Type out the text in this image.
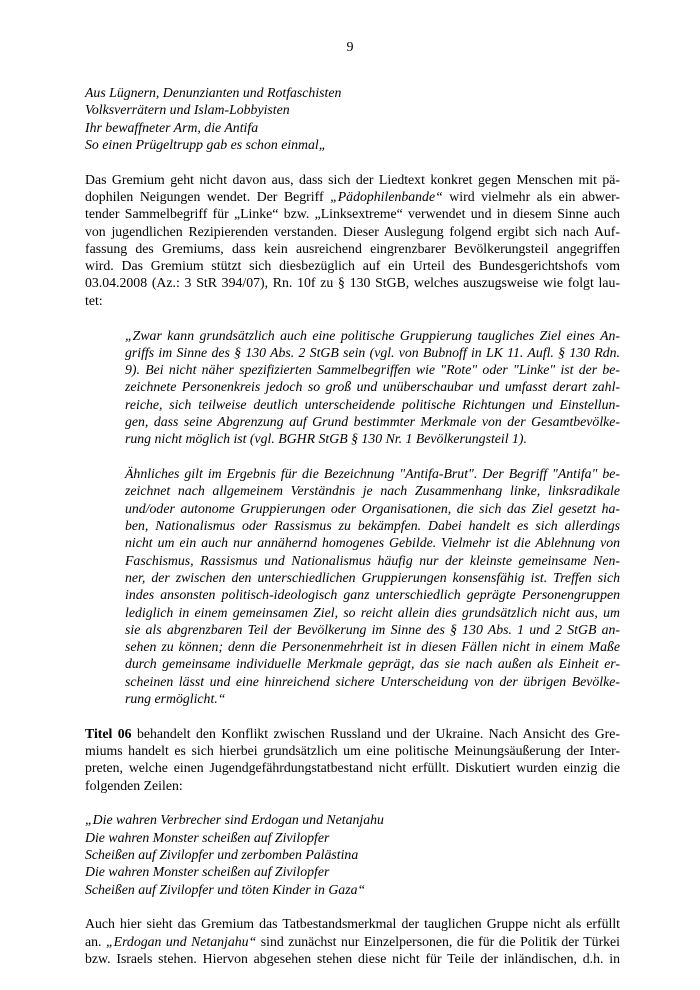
9
Aus Lügnern, Denunzianten und Rotfaschisten
Volksverrätern und Islam-Lobbyisten
Ihr bewaffneter Arm, die Antifa
So einen Prügeltrupp gab es schon einmal„
Das Gremium geht nicht davon aus, dass sich der Liedtext konkret gegen Menschen mit pä-
dophilen Neigungen wendet. Der Begriff „Pädophilenbande“ wird vielmehr als ein abwer-
tender Sammelbegriff für „Linke“ bzw. „Linksextreme“ verwendet und in diesem Sinne auch
von jugendlichen Rezipierenden verstanden. Dieser Auslegung folgend ergibt sich nach Auf-
fassung des Gremiums, dass kein ausreichend eingrenzbarer Bevölkerungsteil angegriffen
wird. Das Gremium stützt sich diesbezüglich auf ein Urteil des Bundesgerichtshofs vom
03.04.2008 (Az.: 3 StR 394/07), Rn. 10f zu § 130 StGB, welches auszugsweise wie folgt lau-
tet:
„Zwar kann grundsätzlich auch eine politische Gruppierung taugliches Ziel eines An-
griffs im Sinne des § 130 Abs. 2 StGB sein (vgl. von Bubnoff in LK 11. Aufl. § 130 Rdn.
9). Bei nicht näher spezifizierten Sammelbegriffen wie "Rote" oder "Linke" ist der be-
zeichnete Personenkreis jedoch so groß und unüberschaubar und umfasst derart zahl-
reiche, sich teilweise deutlich unterscheidende politische Richtungen und Einstellun-
gen, dass seine Abgrenzung auf Grund bestimmter Merkmale von der Gesamtbevölke-
rung nicht möglich ist (vgl. BGHR StGB § 130 Nr. 1 Bevölkerungsteil 1).
Ähnliches gilt im Ergebnis für die Bezeichnung "Antifa-Brut". Der Begriff "Antifa" be-
zeichnet nach allgemeinem Verständnis je nach Zusammenhang linke, linksradikale
und/oder autonome Gruppierungen oder Organisationen, die sich das Ziel gesetzt ha-
ben, Nationalismus oder Rassismus zu bekämpfen. Dabei handelt es sich allerdings
nicht um ein auch nur annähernd homogenes Gebilde. Vielmehr ist die Ablehnung von
Faschismus, Rassismus und Nationalismus häufig nur der kleinste gemeinsame Nen-
ner, der zwischen den unterschiedlichen Gruppierungen konsensfähig ist. Treffen sich
indes ansonsten politisch-ideologisch ganz unterschiedlich geprägte Personengruppen
lediglich in einem gemeinsamen Ziel, so reicht allein dies grundsätzlich nicht aus, um
sie als abgrenzbaren Teil der Bevölkerung im Sinne des § 130 Abs. 1 und 2 StGB an-
sehen zu können; denn die Personenmehrheit ist in diesen Fällen nicht in einem Maße
durch gemeinsame individuelle Merkmale geprägt, das sie nach außen als Einheit er-
scheinen lässt und eine hinreichend sichere Unterscheidung von der übrigen Bevölke-
rung ermöglicht.“
Titel 06 behandelt den Konflikt zwischen Russland und der Ukraine. Nach Ansicht des Gre-
miums handelt es sich hierbei grundsätzlich um eine politische Meinungsäußerung der Inter-
preten, welche einen Jugendgefährdungstatbestand nicht erfüllt. Diskutiert wurden einzig die
folgenden Zeilen:
„Die wahren Verbrecher sind Erdogan und Netanjahu
Die wahren Monster scheißen auf Zivilopfer
Scheißen auf Zivilopfer und zerbomben Palästina
Die wahren Monster scheißen auf Zivilopfer
Scheißen auf Zivilopfer und töten Kinder in Gaza“
Auch hier sieht das Gremium das Tatbestandsmerkmal der tauglichen Gruppe nicht als erfüllt
an. „Erdogan und Netanjahu“ sind zunächst nur Einzelpersonen, die für die Politik der Türkei
bzw. Israels stehen. Hiervon abgesehen stehen diese nicht für Teile der inländischen, d.h. in
